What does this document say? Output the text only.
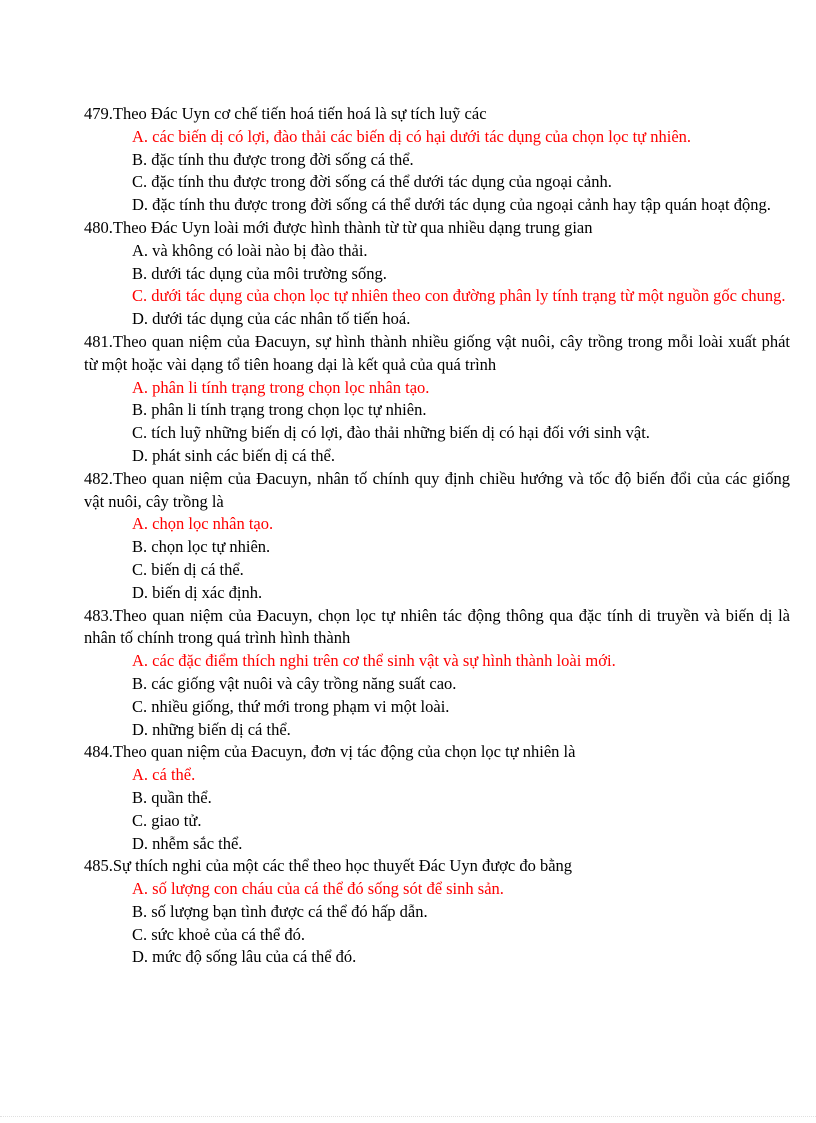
479.Theo Đác Uyn cơ chế tiến hoá tiến hoá là sự tích luỹ các

A. các biến dị có lợi, đào thải các biến dị có hại dưới tác dụng của chọn lọc tự nhiên.

B. đặc tính thu được trong đời sống cá thể.

C. đặc tính thu được trong đời sống cá thể dưới tác dụng của ngoại cảnh.

D. đặc tính thu được trong đời sống cá thể dưới tác dụng của ngoại cảnh hay tập quán hoạt động.

480.Theo Đác Uyn loài mới được hình thành từ từ qua nhiều dạng trung gian

A. và không có loài nào bị đào thải.

B. dưới tác dụng của môi trường sống.

C. dưới tác dụng của chọn lọc tự nhiên theo con đường phân ly tính trạng từ một nguồn gốc chung.

D. dưới tác dụng của các nhân tố tiến hoá.

481.Theo quan niệm của Đacuyn, sự hình thành nhiều giống vật nuôi, cây trồng trong mỗi loài xuất phát từ một hoặc vài dạng tổ tiên hoang dại là kết quả của quá trình

A. phân li tính trạng trong chọn lọc nhân tạo.

B. phân li tính trạng trong chọn lọc tự nhiên.

C. tích luỹ những biến dị có lợi, đào thải những biến dị có hại đối với sinh vật.

D. phát sinh các biến dị cá thể.

482.Theo quan niệm của Đacuyn, nhân tố chính quy định chiều hướng và tốc độ biến đổi của các giống vật nuôi, cây trồng là

A. chọn lọc nhân tạo.

B. chọn lọc tự nhiên.

C. biến dị cá thể.

D. biến dị xác định.

483.Theo quan niệm của Đacuyn, chọn lọc tự nhiên tác động thông qua đặc tính di truyền và biến dị là nhân tố chính trong quá trình hình thành

A. các đặc điểm thích nghi trên cơ thể sinh vật và sự hình thành loài mới.

B. các giống vật nuôi và cây trồng năng suất cao.

C. nhiều giống, thứ mới trong phạm vi một loài.

D. những biến dị cá thể.

484.Theo quan niệm của Đacuyn, đơn vị tác động của chọn lọc tự nhiên là

A. cá thể.

B. quần thể.

C. giao tử.

D. nhễm sắc thể.

485.Sự thích nghi của một các thể theo học thuyết Đác Uyn được đo bằng

A. số lượng con cháu của cá thể đó sống sót để sinh sản.

B. số lượng bạn tình được cá thể đó hấp dẫn.

C. sức khoẻ của cá thể đó.

D. mức độ sống lâu của cá thể đó.
